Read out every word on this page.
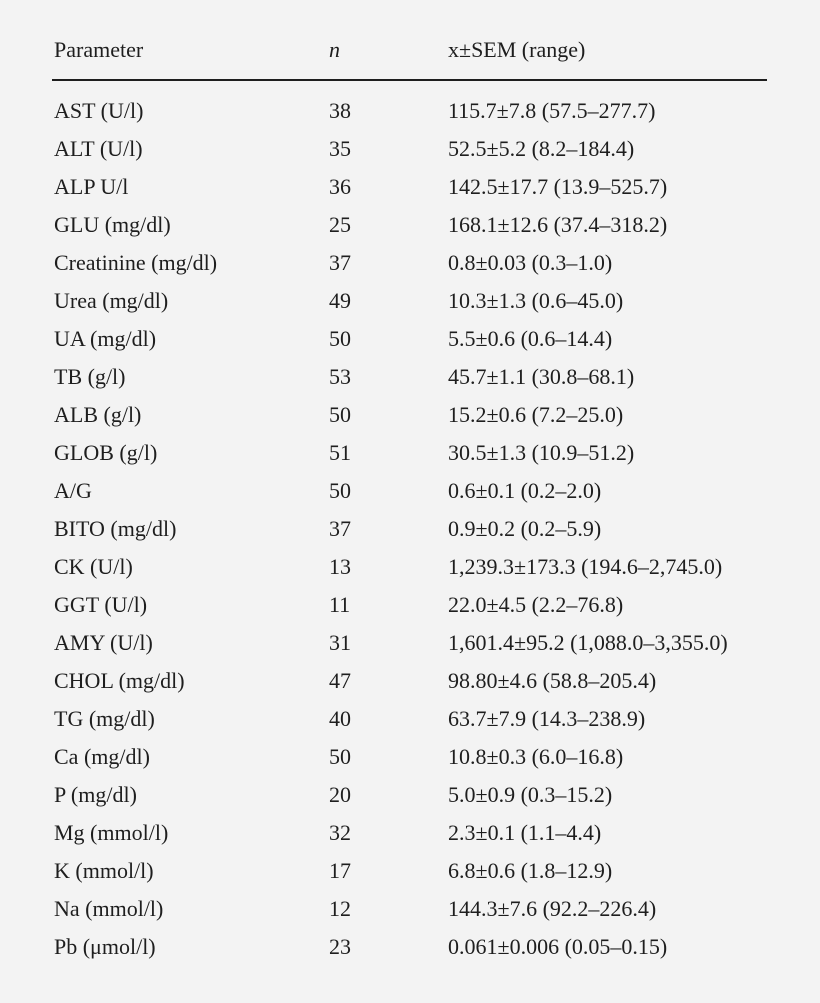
Parameter	n	x±SEM (range)
AST (U/l)	38	115.7±7.8 (57.5–277.7)
ALT (U/l)	35	52.5±5.2 (8.2–184.4)
ALP U/l	36	142.5±17.7 (13.9–525.7)
GLU (mg/dl)	25	168.1±12.6 (37.4–318.2)
Creatinine (mg/dl)	37	0.8±0.03 (0.3–1.0)
Urea (mg/dl)	49	10.3±1.3 (0.6–45.0)
UA (mg/dl)	50	5.5±0.6 (0.6–14.4)
TB (g/l)	53	45.7±1.1 (30.8–68.1)
ALB (g/l)	50	15.2±0.6 (7.2–25.0)
GLOB (g/l)	51	30.5±1.3 (10.9–51.2)
A/G	50	0.6±0.1 (0.2–2.0)
BITO (mg/dl)	37	0.9±0.2 (0.2–5.9)
CK (U/l)	13	1,239.3±173.3 (194.6–2,745.0)
GGT (U/l)	11	22.0±4.5 (2.2–76.8)
AMY (U/l)	31	1,601.4±95.2 (1,088.0–3,355.0)
CHOL (mg/dl)	47	98.80±4.6 (58.8–205.4)
TG (mg/dl)	40	63.7±7.9 (14.3–238.9)
Ca (mg/dl)	50	10.8±0.3 (6.0–16.8)
P (mg/dl)	20	5.0±0.9 (0.3–15.2)
Mg (mmol/l)	32	2.3±0.1 (1.1–4.4)
K (mmol/l)	17	6.8±0.6 (1.8–12.9)
Na (mmol/l)	12	144.3±7.6 (92.2–226.4)
Pb (μmol/l)	23	0.061±0.006 (0.05–0.15)
